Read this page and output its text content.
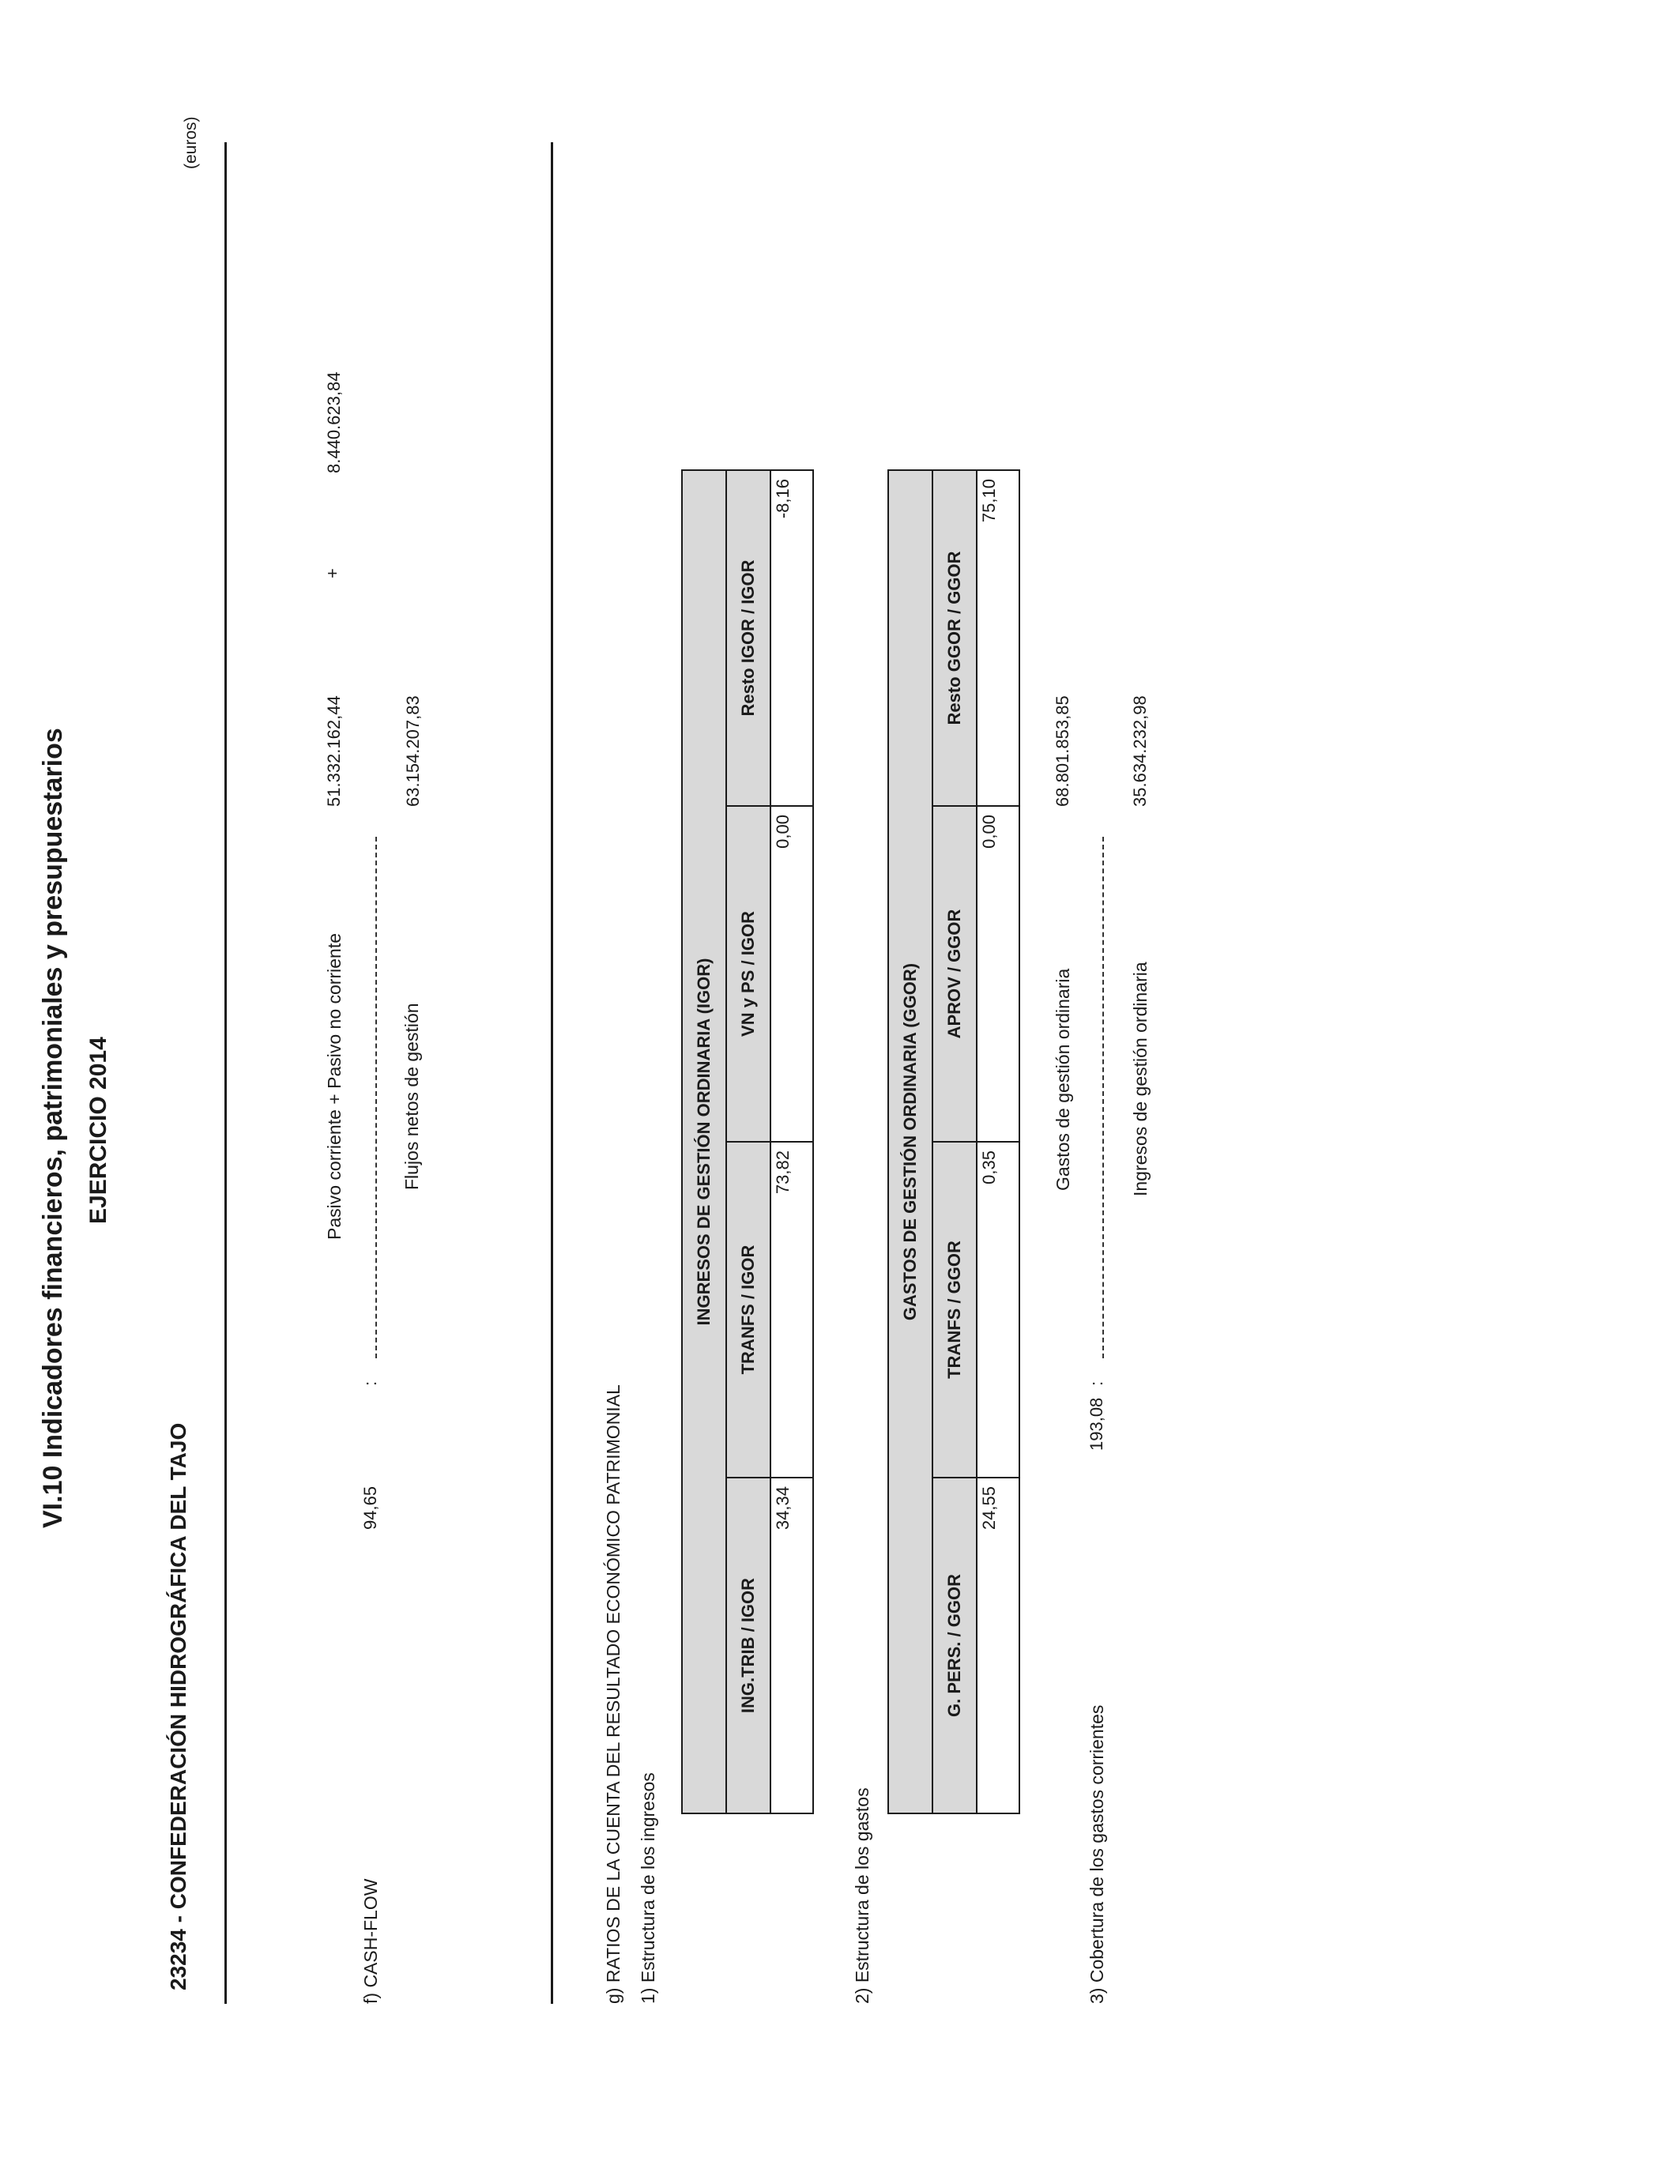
VI.10 Indicadores financieros, patrimoniales y presupuestarios EJERCICIO 2014
23234 - CONFEDERACIÓN HIDROGRÁFICA DEL TAJO
(euros)
f) CASH-FLOW
94,65
:
Pasivo corriente + Pasivo no corriente
51.332.162,44
+
8.440.623,84
Flujos netos de gestión
63.154.207,83
g) RATIOS DE LA CUENTA DEL RESULTADO ECONÓMICO PATRIMONIAL 1) Estructura de los ingresos
INGRESOS DE GESTIÓN ORDINARIA (IGOR)			
ING.TRIB / IGOR	TRANFS / IGOR	VN y PS / IGOR	Resto IGOR / IGOR
34,34	73,82	0,00	-8,16
2) Estructura de los gastos
GASTOS DE GESTIÓN ORDINARIA (GGOR)			
G. PERS. / GGOR	TRANFS / GGOR	APROV / GGOR	Resto GGOR / GGOR
24,55	0,35	0,00	75,10
3) Cobertura de los gastos corrientes
193,08
:
Gastos de gestión ordinaria
68.801.853,85
Ingresos de gestión ordinaria
35.634.232,98
